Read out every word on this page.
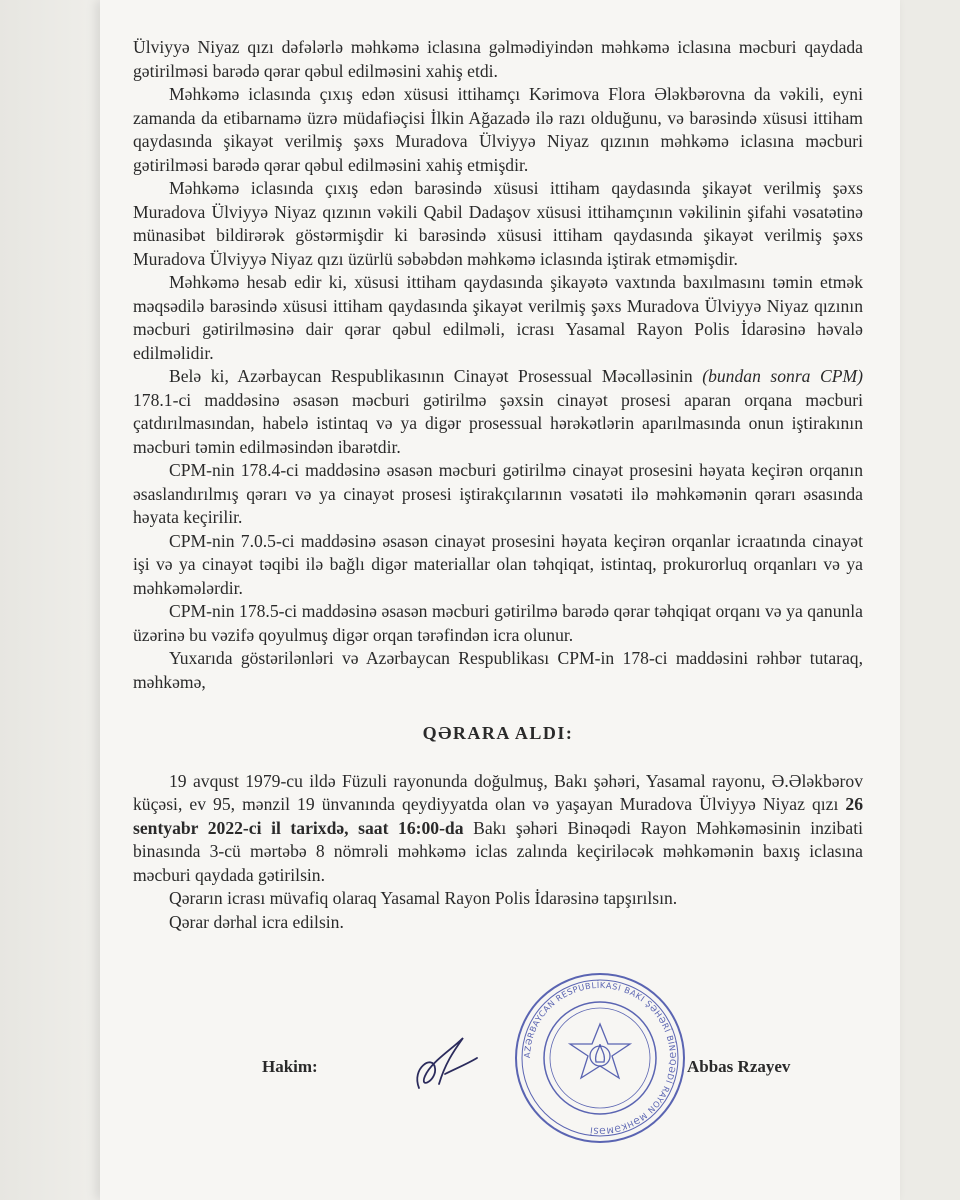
Ülviyyə Niyaz qızı dəfələrlə məhkəmə iclasına gəlmədiyindən məhkəmə iclasına məcburi qaydada gətirilməsi barədə qərar qəbul edilməsini xahiş etdi.

Məhkəmə iclasında çıxış edən xüsusi ittihamçı Kərimova Flora Ələkbərovna da vəkili, eyni zamanda da etibarnamə üzrə müdafiəçisi İlkin Ağazadə ilə razı olduğunu, və barəsində xüsusi ittiham qaydasında şikayət verilmiş şəxs Muradova Ülviyyə Niyaz qızının məhkəmə iclasına məcburi gətirilməsi barədə qərar qəbul edilməsini xahiş etmişdir.

Məhkəmə iclasında çıxış edən barəsində xüsusi ittiham qaydasında şikayət verilmiş şəxs Muradova Ülviyyə Niyaz qızının vəkili Qabil Dadaşov xüsusi ittihamçının vəkilinin şifahi vəsatətinə münasibət bildirərək göstərmişdir ki barəsində xüsusi ittiham qaydasında şikayət verilmiş şəxs Muradova Ülviyyə Niyaz qızı üzürlü səbəbdən məhkəmə iclasında iştirak etməmişdir.

Məhkəmə hesab edir ki, xüsusi ittiham qaydasında şikayətə vaxtında baxılmasını təmin etmək məqsədilə barəsində xüsusi ittiham qaydasında şikayət verilmiş şəxs Muradova Ülviyyə Niyaz qızının məcburi gətirilməsinə dair qərar qəbul edilməli, icrası Yasamal Rayon Polis İdarəsinə həvalə edilməlidir.

Belə ki, Azərbaycan Respublikasının Cinayət Prosessual Məcəlləsinin (bundan sonra CPM) 178.1-ci maddəsinə əsasən məcburi gətirilmə şəxsin cinayət prosesi aparan orqana məcburi çatdırılmasından, habelə istintaq və ya digər prosessual hərəkətlərin aparılmasında onun iştirakının məcburi təmin edilməsindən ibarətdir.

CPM-nin 178.4-ci maddəsinə əsasən məcburi gətirilmə cinayət prosesini həyata keçirən orqanın əsaslandırılmış qərarı və ya cinayət prosesi iştirakçılarının vəsatəti ilə məhkəmənin qərarı əsasında həyata keçirilir.

CPM-nin 7.0.5-ci maddəsinə əsasən cinayət prosesini həyata keçirən orqanlar icraatında cinayət işi və ya cinayət təqibi ilə bağlı digər materiallar olan təhqiqat, istintaq, prokurorluq orqanları və ya məhkəmələrdir.

CPM-nin 178.5-ci maddəsinə əsasən məcburi gətirilmə barədə qərar təhqiqat orqanı və ya qanunla üzərinə bu vəzifə qoyulmuş digər orqan tərəfindən icra olunur.

Yuxarıda göstərilənləri və Azərbaycan Respublikası CPM-in 178-ci maddəsini rəhbər tutaraq, məhkəmə,

QƏRARA ALDI:

19 avqust 1979-cu ildə Füzuli rayonunda doğulmuş, Bakı şəhəri, Yasamal rayonu, Ə.Ələkbərov küçəsi, ev 95, mənzil 19 ünvanında qeydiyyatda olan və yaşayan Muradova Ülviyyə Niyaz qızı 26 sentyabr 2022-ci il tarixdə, saat 16:00-da Bakı şəhəri Binəqədi Rayon Məhkəməsinin inzibati binasında 3-cü mərtəbə 8 nömrəli məhkəmə iclas zalında keçiriləcək məhkəmənin baxış iclasına məcburi qaydada gətirilsin.

Qərarın icrası müvafiq olaraq Yasamal Rayon Polis İdarəsinə tapşırılsın.

Qərar dərhal icra edilsin.

Hakim:
AZƏRBAYCAN RESPUBLİKASI BAKI ŞƏHƏRİ BİNƏQƏDİ RAYON MƏHKƏMƏSİ
Abbas Rzayev
